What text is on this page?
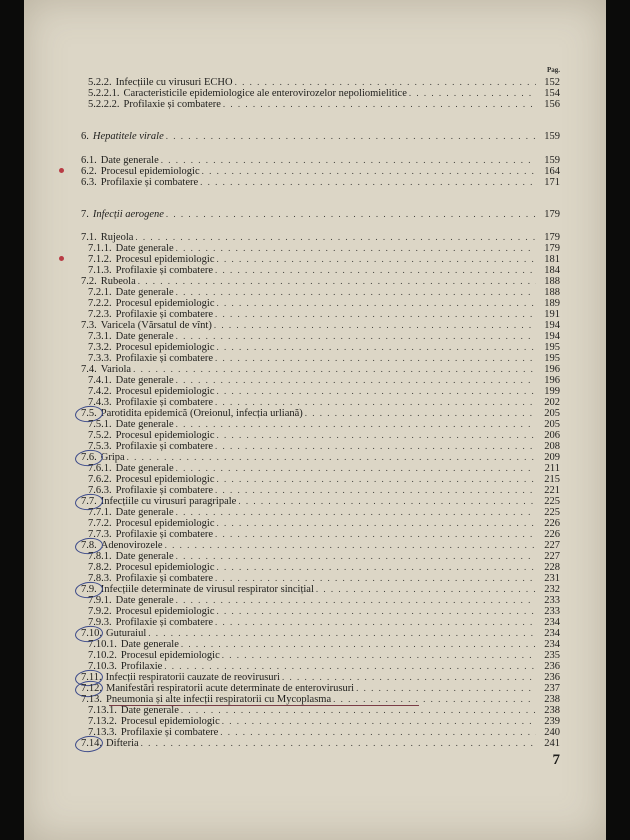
Pag.
5.2.2. Infecțiile cu virusuri ECHO . . .	152
5.2.2.1. Caracteristicile epidemiologice ale enterovirozelor nepoliomielitice . . .	154
5.2.2.2. Profilaxie și combatere . . .	156
6. Hepatitele virale . . .	159
6.1. Date generale . . .	159
6.2. Procesul epidemiologic . . .	164
6.3. Profilaxie și combatere . . .	171
7. Infecții aerogene . . .	179
7.1. Rujeola . . .	179
7.1.1. Date generale . . .	179
7.1.2. Procesul epidemiologic . . .	181
7.1.3. Profilaxie și combatere . . .	184
7.2. Rubeola . . .	188
7.2.1. Date generale . . .	188
7.2.2. Procesul epidemiologic . . .	189
7.2.3. Profilaxie și combatere . . .	191
7.3. Varicela (Vărsatul de vînt) . . .	194
7.3.1. Date generale . . .	194
7.3.2. Procesul epidemiologic . . .	195
7.3.3. Profilaxie și combatere . . .	195
7.4. Variola . . .	196
7.4.1. Date generale . . .	196
7.4.2. Procesul epidemiologic . . .	199
7.4.3. Profilaxie și combatere . . .	202
7.5. Parotidita epidemică (Oreionul, infecția urliană) . . .	205
7.5.1. Date generale . . .	205
7.5.2. Procesul epidemiologic . . .	206
7.5.3. Profilaxie și combatere . . .	208
7.6. Gripa . . .	209
7.6.1. Date generale . . .	211
7.6.2. Procesul epidemiologic . . .	215
7.6.3. Profilaxie și combatere . . .	221
7.7. Infecțiile cu virusuri paragripale . . .	225
7.7.1. Date generale . . .	225
7.7.2. Procesul epidemiologic . . .	226
7.7.3. Profilaxie și combatere . . .	226
7.8. Adenovirozele . . .	227
7.8.1. Date generale . . .	227
7.8.2. Procesul epidemiologic . . .	228
7.8.3. Profilaxie și combatere . . .	231
7.9. Infecțiile determinate de virusul respirator sincițial . . .	232
7.9.1. Date generale . . .	233
7.9.2. Procesul epidemiologic . . .	233
7.9.3. Profilaxie și combatere . . .	234
7.10. Guturaiul . . .	234
7.10.1. Date generale . . .	234
7.10.2. Procesul epidemiologic . . .	235
7.10.3. Profilaxie . . .	236
7.11. Infecții respiratorii cauzate de reovirusuri . . .	236
7.12. Manifestări respiratorii acute determinate de enterovirusuri . . .	237
7.13. Pneumonia și alte infecții respiratorii cu Mycoplasma . . .	238
7.13.1. Date generale . . .	238
7.13.2. Procesul epidemiologic . . .	239
7.13.3. Profilaxie și combatere . . .	240
7.14. Difteria . . .	241
7
